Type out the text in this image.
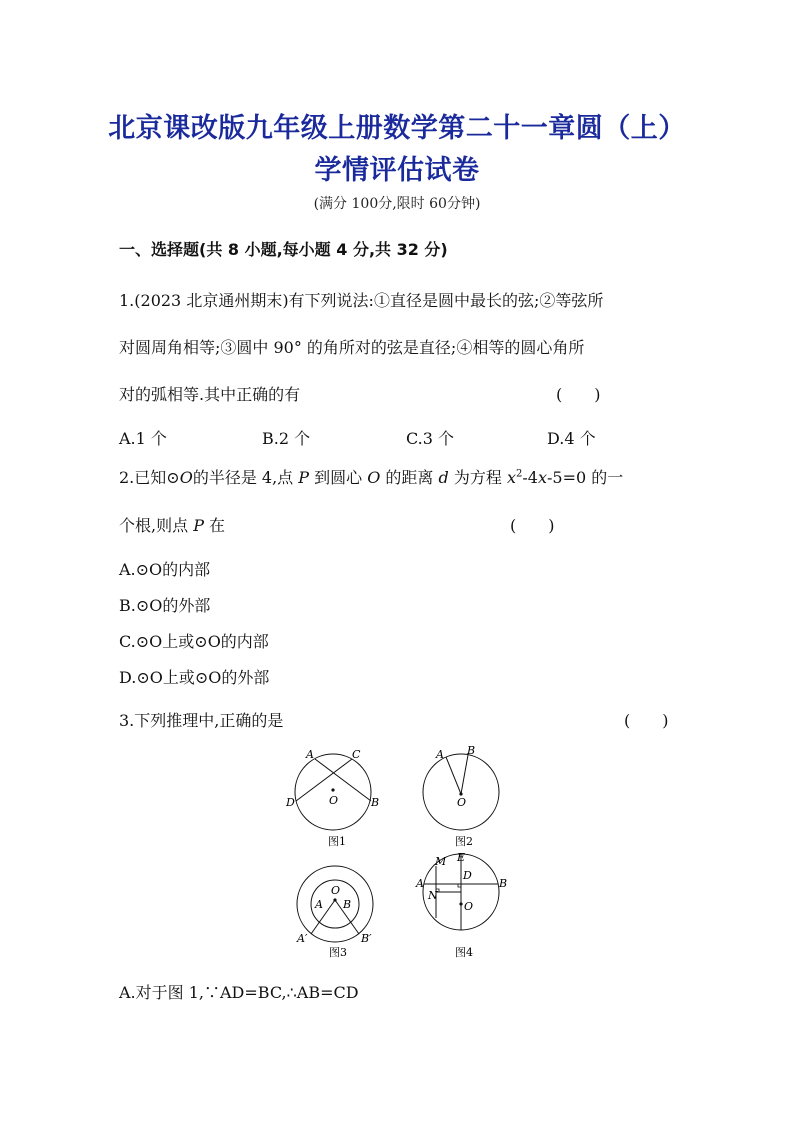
北京课改版九年级上册数学第二十一章圆（上）
学情评估试卷
(满分 100分,限时 60分钟)
一、选择题(共 8 小题,每小题 4 分,共 32 分)
1.(2023 北京通州期末)有下列说法:①直径是圆中最长的弦;②等弦所
对圆周角相等;③圆中 90° 的角所对的弦是直径;④相等的圆心角所
对的弧相等.其中正确的有	(　　)
A.1 个	B.2 个	C.3 个	D.4 个
2.已知⊙O的半径是 4,点 P 到圆心 O 的距离 d 为方程 $x^2-4x-5=0$ 的一
个根,则点 P 在	(　　)
A.⊙O的内部
B.⊙O的外部
C.⊙O上或⊙O的内部
D.⊙O上或⊙O的外部
3.下列推理中,正确的是	(　　)
A	C
D	B
O
图1
A B
O
图2
O
A B
A′	B′
图3
M E
A
D
B
N
O
图4
A.对于图 1,∵AD=BC,∴AB=CD
